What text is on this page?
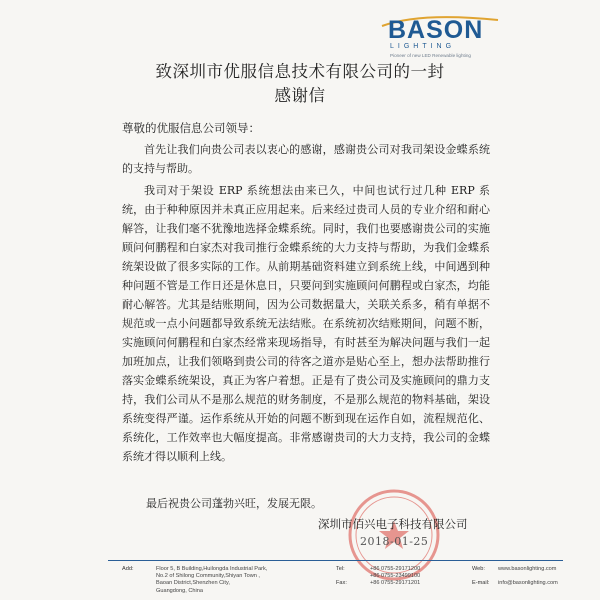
BASON
LIGHTING
Pioneer of new LED Renewable lighting
致深圳市优服信息技术有限公司的一封
感谢信
尊敬的优服信息公司领导：

首先让我们向贵公司表以衷心的感谢，感谢贵公司对我司架设金蝶系统的支持与帮助。

我司对于架设 ERP 系统想法由来已久，中间也试行过几种 ERP 系统，由于种种原因并未真正应用起来。后来经过贵司人员的专业介绍和耐心解答，让我们毫不犹豫地选择金蝶系统。同时，我们也要感谢贵公司的实施顾问何鹏程和白家杰对我司推行金蝶系统的大力支持与帮助，为我们金蝶系统架设做了很多实际的工作。从前期基础资料建立到系统上线，中间遇到种种问题不管是工作日还是休息日，只要问到实施顾问何鹏程或白家杰，均能耐心解答。尤其是结账期间，因为公司数据量大，关联关系多，稍有单据不规范或一点小问题都导致系统无法结账。在系统初次结账期间，问题不断，实施顾问何鹏程和白家杰经常来现场指导，有时甚至为解决问题与我们一起加班加点，让我们领略到贵公司的待客之道亦是贴心至上，想办法帮助推行落实金蝶系统架设，真正为客户着想。正是有了贵公司及实施顾问的鼎力支持，我们公司从不是那么规范的财务制度，不是那么规范的物料基础，架设系统变得严谨。运作系统从开始的问题不断到现在运作自如，流程规范化、系统化，工作效率也大幅度提高。非常感谢贵司的大力支持，我公司的金蝶系统才得以顺利上线。

最后祝贵公司蓬勃兴旺，发展无限。
深圳市佰兴电子科技有限公司
2018-01-25
Add:	Floor 5, B Building,Huilongda Industrial Park,
No.2 of Shilong Community,Shiyan Town ,
Baoan District,Shenzhen City,
Guangdong, China
Tel:	+86 0755-29171200
+86 0755-23499100
Fax:	+86 0755-29171201
Web: www.basonlighting.com

E-mail: info@basonlighting.com
